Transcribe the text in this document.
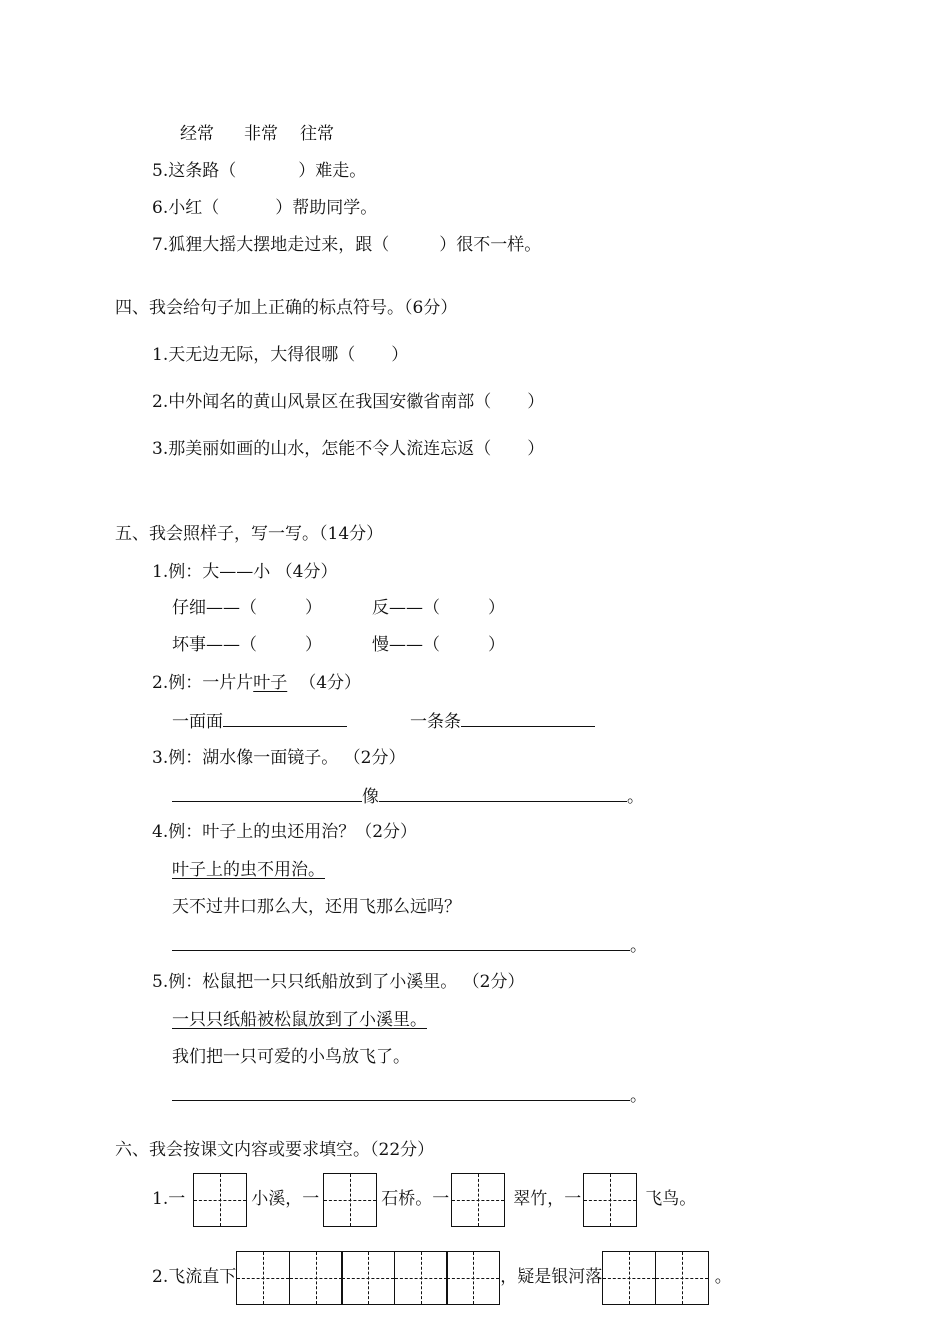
经常 非常 往常
5.这条路（	）难走。
6.小红（	）帮助同学。
7.狐狸大摇大摆地走过来，跟（	）很不一样。
四、我会给句子加上正确的标点符号。（6分）
1.天无边无际，大得很哪（ ）
2.中外闻名的黄山风景区在我国安徽省南部（ ）
3.那美丽如画的山水，怎能不令人流连忘返（ ）
五、我会照样子，写一写。（14分）
1.例：大——小 （4分）
仔细——（	）	反——（	）
坏事——（	）	慢——（	）
2.例：一片片叶子 （4分）
一面面	一条条
3.例：湖水像一面镜子。 （2分）
像	。
4.例：叶子上的虫还用治？（2分）
叶子上的虫不用治。
天不过井口那么大，还用飞那么远吗？
。
5.例：松鼠把一只只纸船放到了小溪里。 （2分）
一只只纸船被松鼠放到了小溪里。
我们把一只可爱的小鸟放飞了。
。
六、我会按课文内容或要求填空。（22分）
1.一	小溪，一	石桥。一	翠竹，一	飞鸟。
2.飞流直下	，疑是银河落	。
